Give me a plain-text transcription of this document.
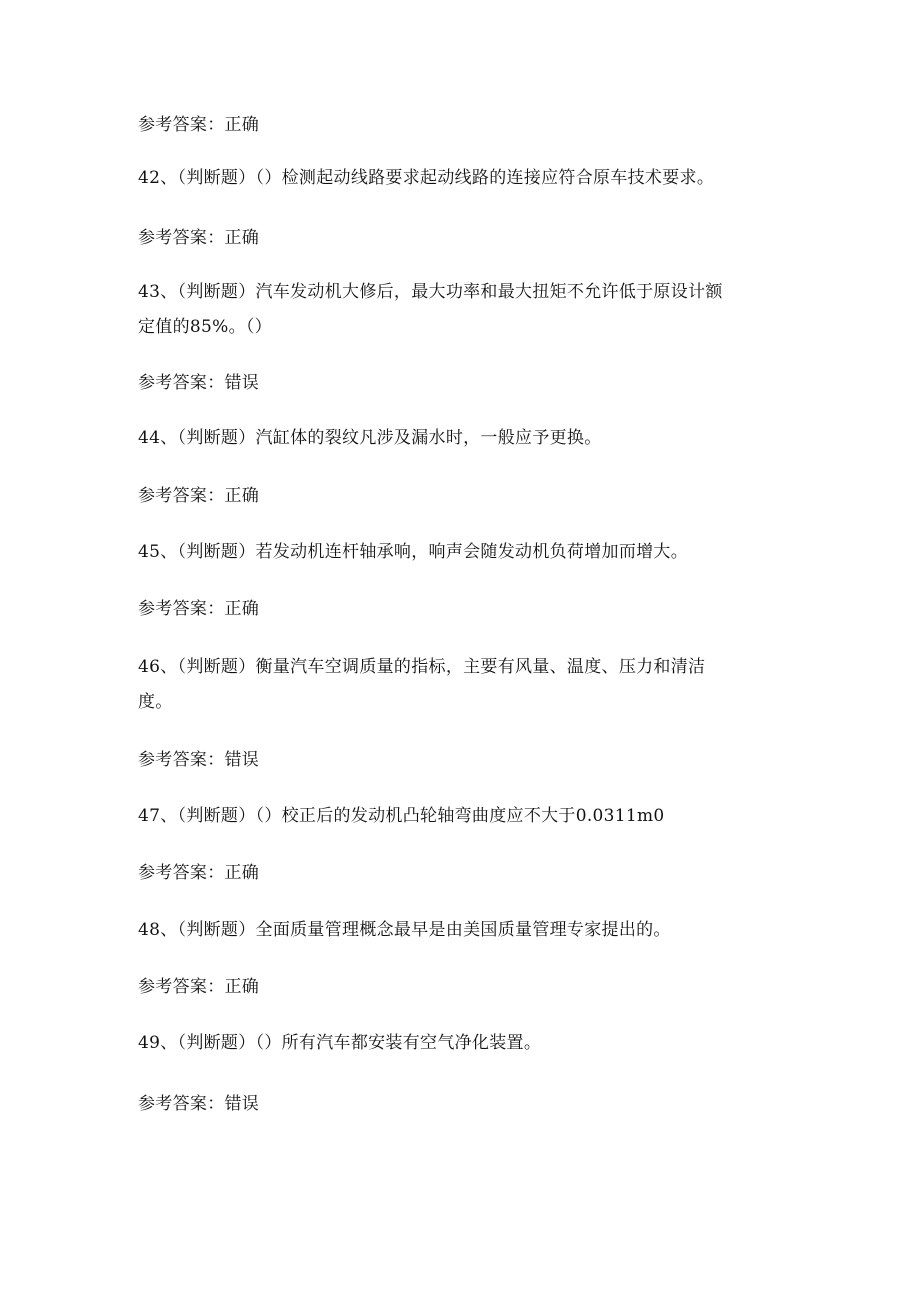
参考答案：正确
42、（判断题）（）检测起动线路要求起动线路的连接应符合原车技术要求。
参考答案：正确
43、（判断题）汽车发动机大修后，最大功率和最大扭矩不允许低于原设计额
定值的85%。（）
参考答案：错误
44、（判断题）汽缸体的裂纹凡涉及漏水时，一般应予更换。
参考答案：正确
45、（判断题）若发动机连杆轴承响，响声会随发动机负荷增加而增大。
参考答案：正确
46、（判断题）衡量汽车空调质量的指标，主要有风量、温度、压力和清洁
度。
参考答案：错误
47、（判断题）（）校正后的发动机凸轮轴弯曲度应不大于0.0311m0
参考答案：正确
48、（判断题）全面质量管理概念最早是由美国质量管理专家提出的。
参考答案：正确
49、（判断题）（）所有汽车都安装有空气净化装置。
参考答案：错误
